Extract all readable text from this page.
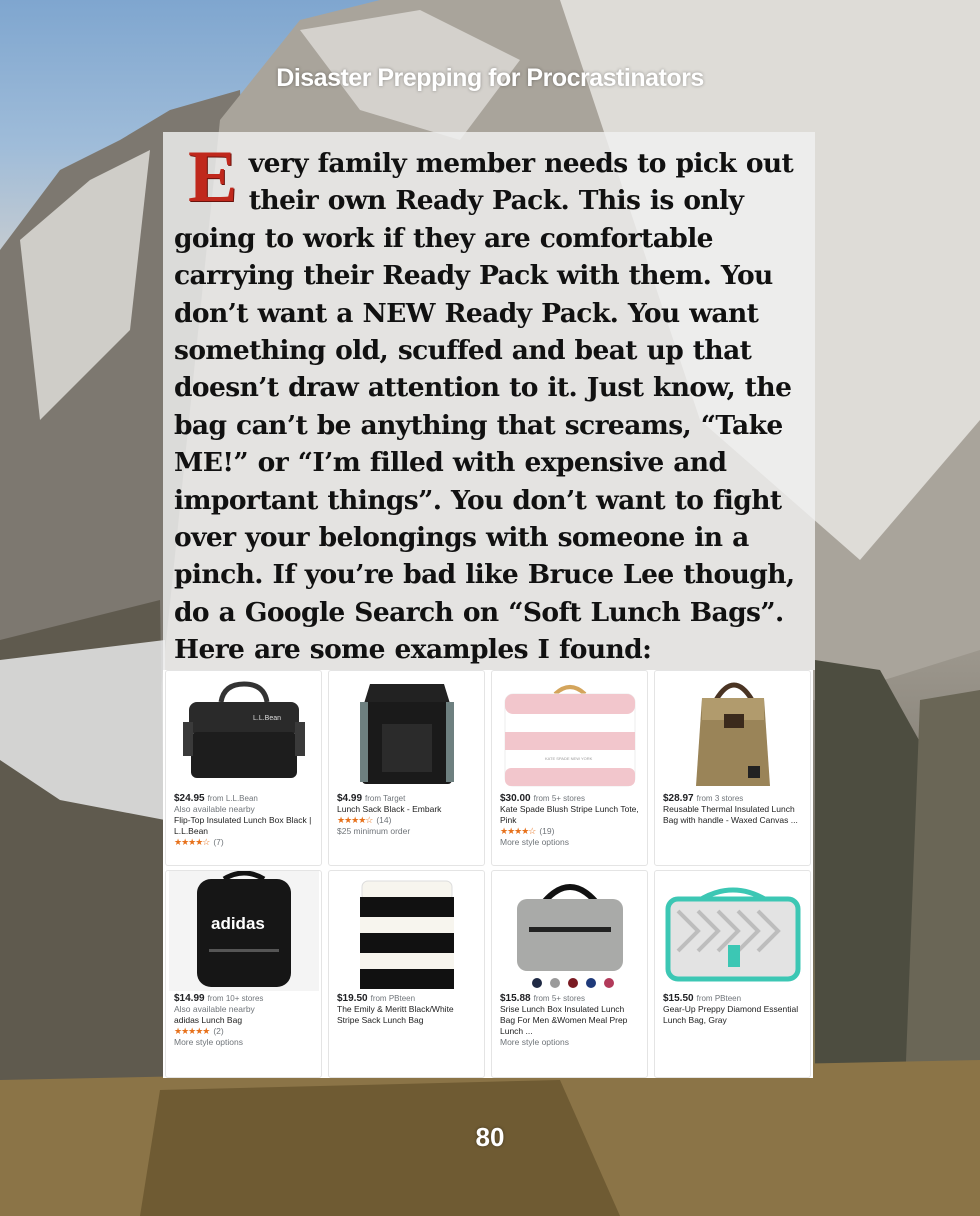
Disaster Prepping for Procrastinators

Every family member needs to pick out their own Ready Pack. This is only going to work if they are comfortable carrying their Ready Pack with them. You don’t want a NEW Ready Pack. You want something old, scuffed and beat up that doesn’t draw attention to it. Just know, the bag can’t be anything that screams, “Take ME!” or “I’m filled with expensive and important things”. You don’t want to fight over your belongings with someone in a pinch. If you’re bad like Bruce Lee though, do a Google Search on “Soft Lunch Bags”. Here are some examples I found:

L.L.Bean
$24.95 from L.L.Bean
Also available nearby
Flip-Top Insulated Lunch Box Black | L.L.Bean
★★★★☆ (7)
$4.99 from Target
Lunch Sack Black - Embark
★★★★☆ (14)
$25 minimum order
KATE SPADE NEW YORK
$30.00 from 5+ stores
Kate Spade Blush Stripe Lunch Tote, Pink
★★★★☆ (19)
More style options
$28.97 from 3 stores
Reusable Thermal Insulated Lunch Bag with handle - Waxed Canvas ...
adidas
$14.99 from 10+ stores
Also available nearby
adidas Lunch Bag
★★★★★ (2)
More style options
$19.50 from PBteen
The Emily & Meritt Black/White Stripe Sack Lunch Bag
$15.88 from 5+ stores
Srise Lunch Box Insulated Lunch Bag For Men &Women Meal Prep Lunch ...
More style options
$15.50 from PBteen
Gear-Up Preppy Diamond Essential Lunch Bag, Gray
80
